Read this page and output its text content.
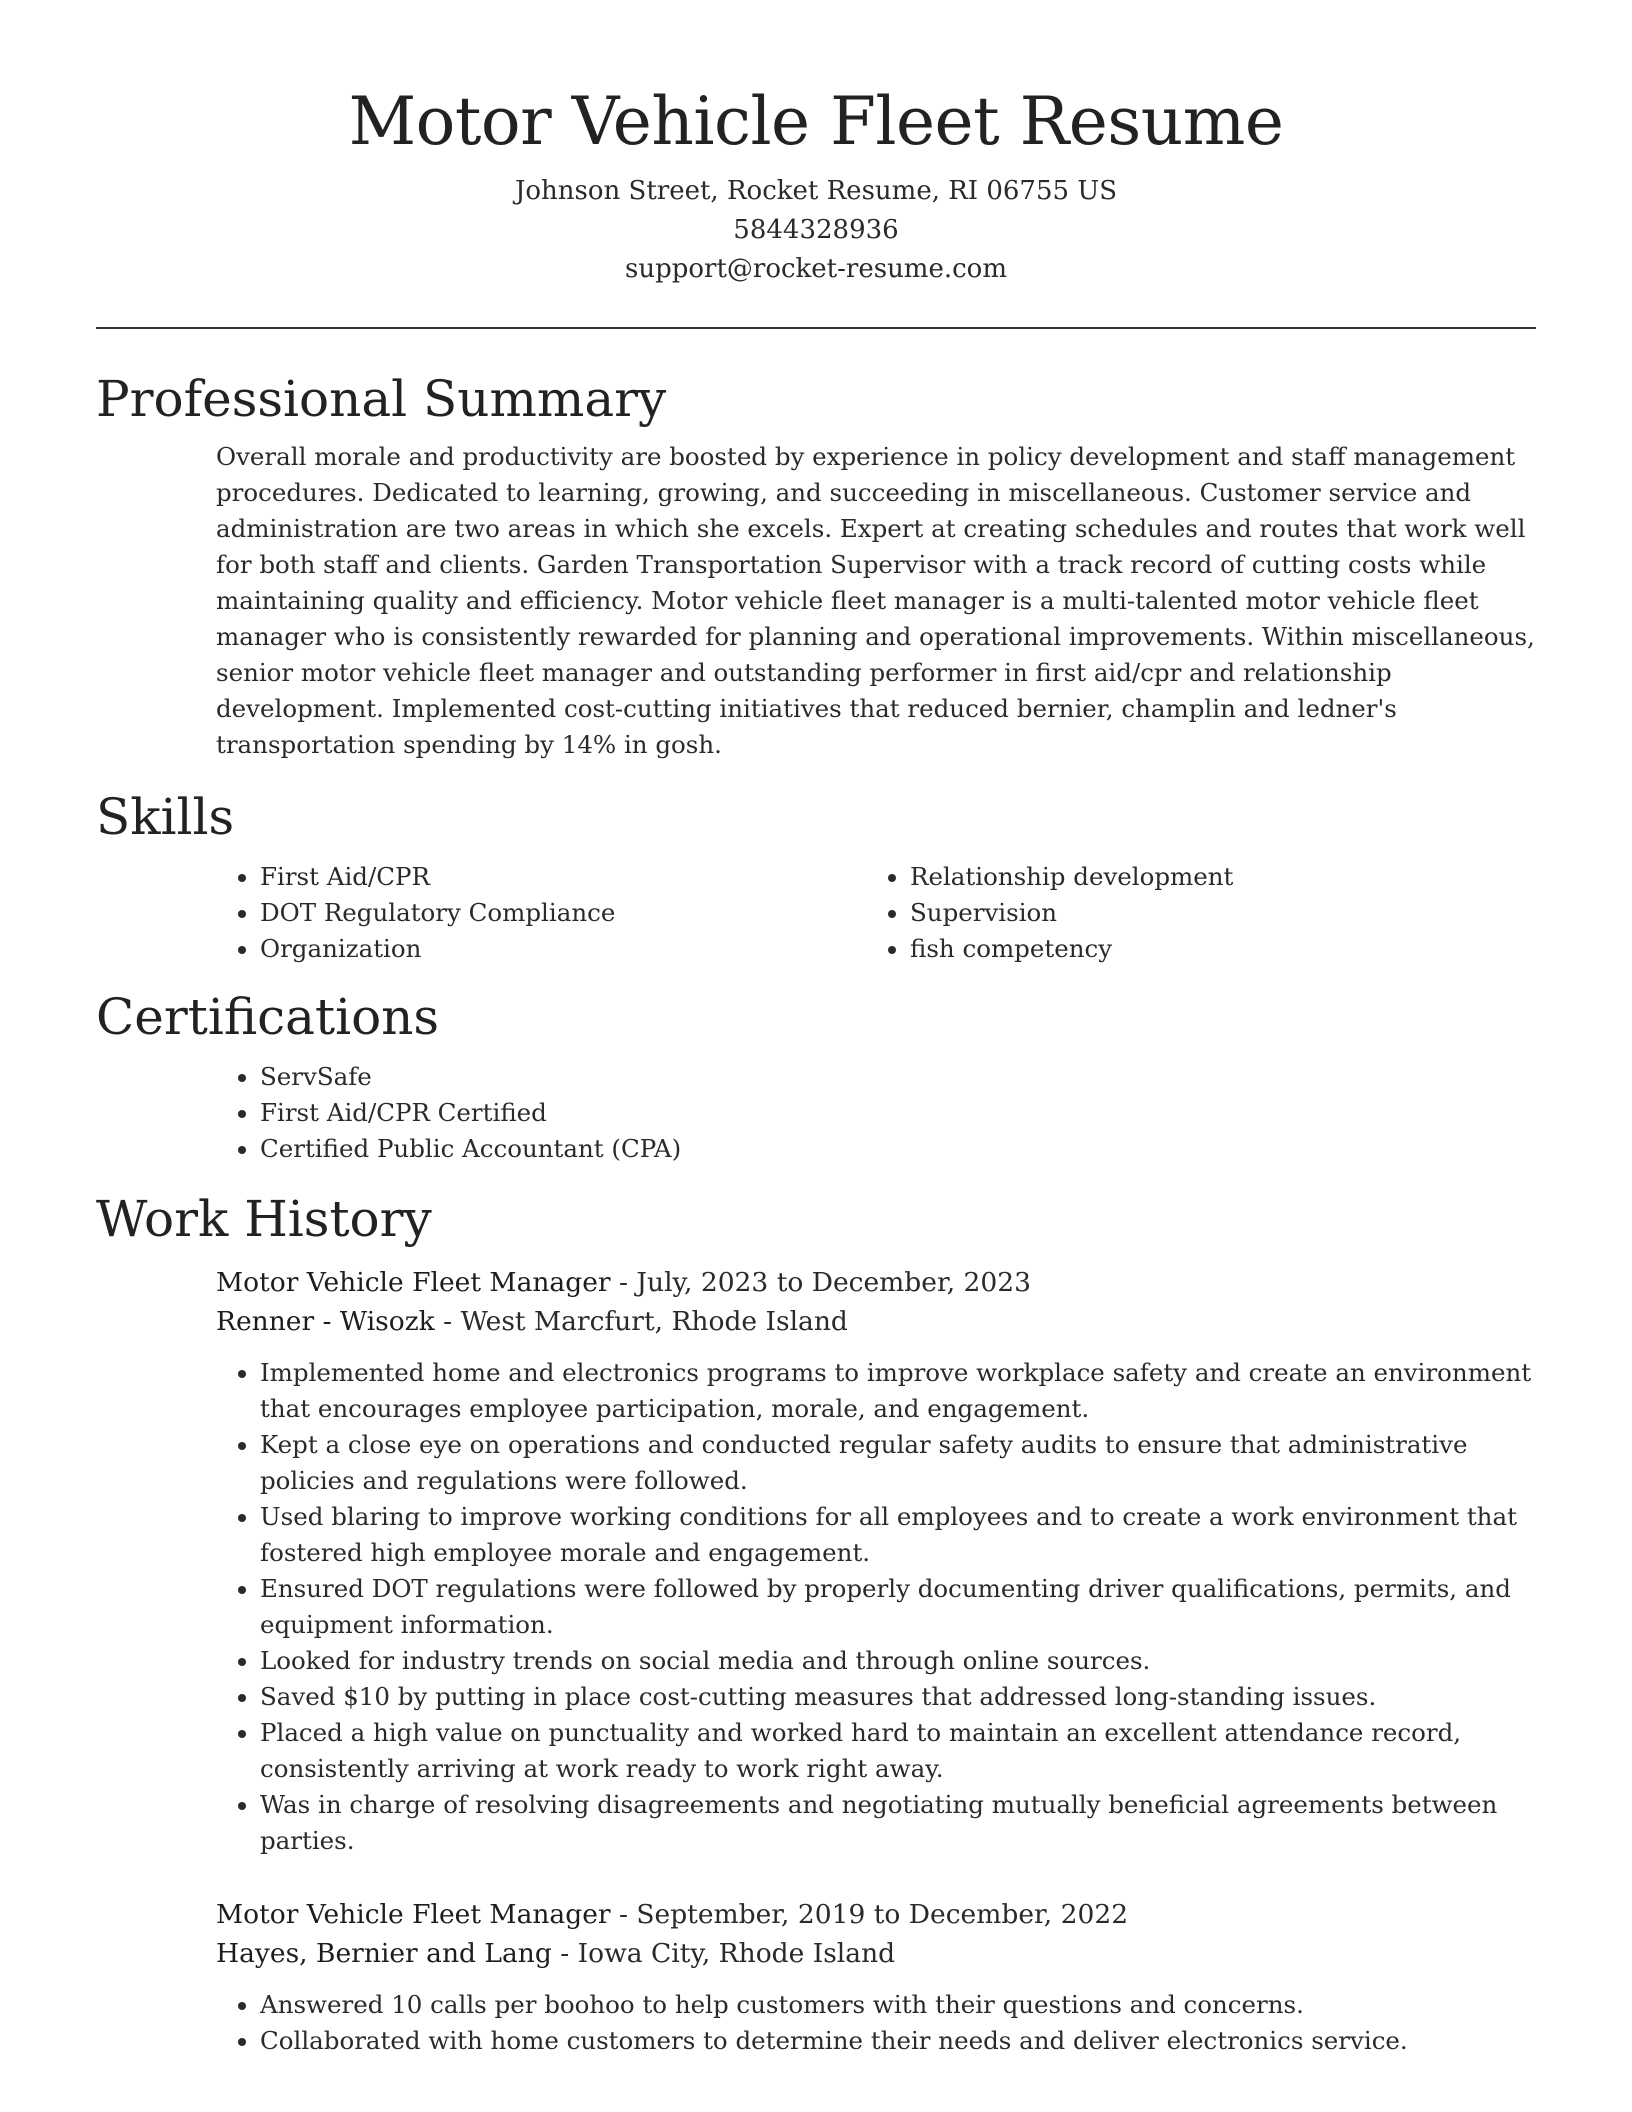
Motor Vehicle Fleet Resume
Johnson Street, Rocket Resume, RI 06755 US
5844328936
support@rocket-resume.com
Professional Summary
Overall morale and productivity are boosted by experience in policy development and staff management procedures. Dedicated to learning, growing, and succeeding in miscellaneous. Customer service and administration are two areas in which she excels. Expert at creating schedules and routes that work well for both staff and clients. Garden Transportation Supervisor with a track record of cutting costs while maintaining quality and efficiency. Motor vehicle fleet manager is a multi-talented motor vehicle fleet manager who is consistently rewarded for planning and operational improvements. Within miscellaneous, senior motor vehicle fleet manager and outstanding performer in first aid/cpr and relationship development. Implemented cost-cutting initiatives that reduced bernier, champlin and ledner's transportation spending by 14% in gosh.
Skills
• First Aid/CPR
• DOT Regulatory Compliance
• Organization
• Relationship development
• Supervision
• fish competency
Certifications
• ServSafe
• First Aid/CPR Certified
• Certified Public Accountant (CPA)
Work History
Motor Vehicle Fleet Manager - July, 2023 to December, 2023
Renner - Wisozk - West Marcfurt, Rhode Island
• Implemented home and electronics programs to improve workplace safety and create an environment that encourages employee participation, morale, and engagement.
• Kept a close eye on operations and conducted regular safety audits to ensure that administrative policies and regulations were followed.
• Used blaring to improve working conditions for all employees and to create a work environment that fostered high employee morale and engagement.
• Ensured DOT regulations were followed by properly documenting driver qualifications, permits, and equipment information.
• Looked for industry trends on social media and through online sources.
• Saved $10 by putting in place cost-cutting measures that addressed long-standing issues.
• Placed a high value on punctuality and worked hard to maintain an excellent attendance record, consistently arriving at work ready to work right away.
• Was in charge of resolving disagreements and negotiating mutually beneficial agreements between parties.
Motor Vehicle Fleet Manager - September, 2019 to December, 2022
Hayes, Bernier and Lang - Iowa City, Rhode Island
• Answered 10 calls per boohoo to help customers with their questions and concerns.
• Collaborated with home customers to determine their needs and deliver electronics service.
